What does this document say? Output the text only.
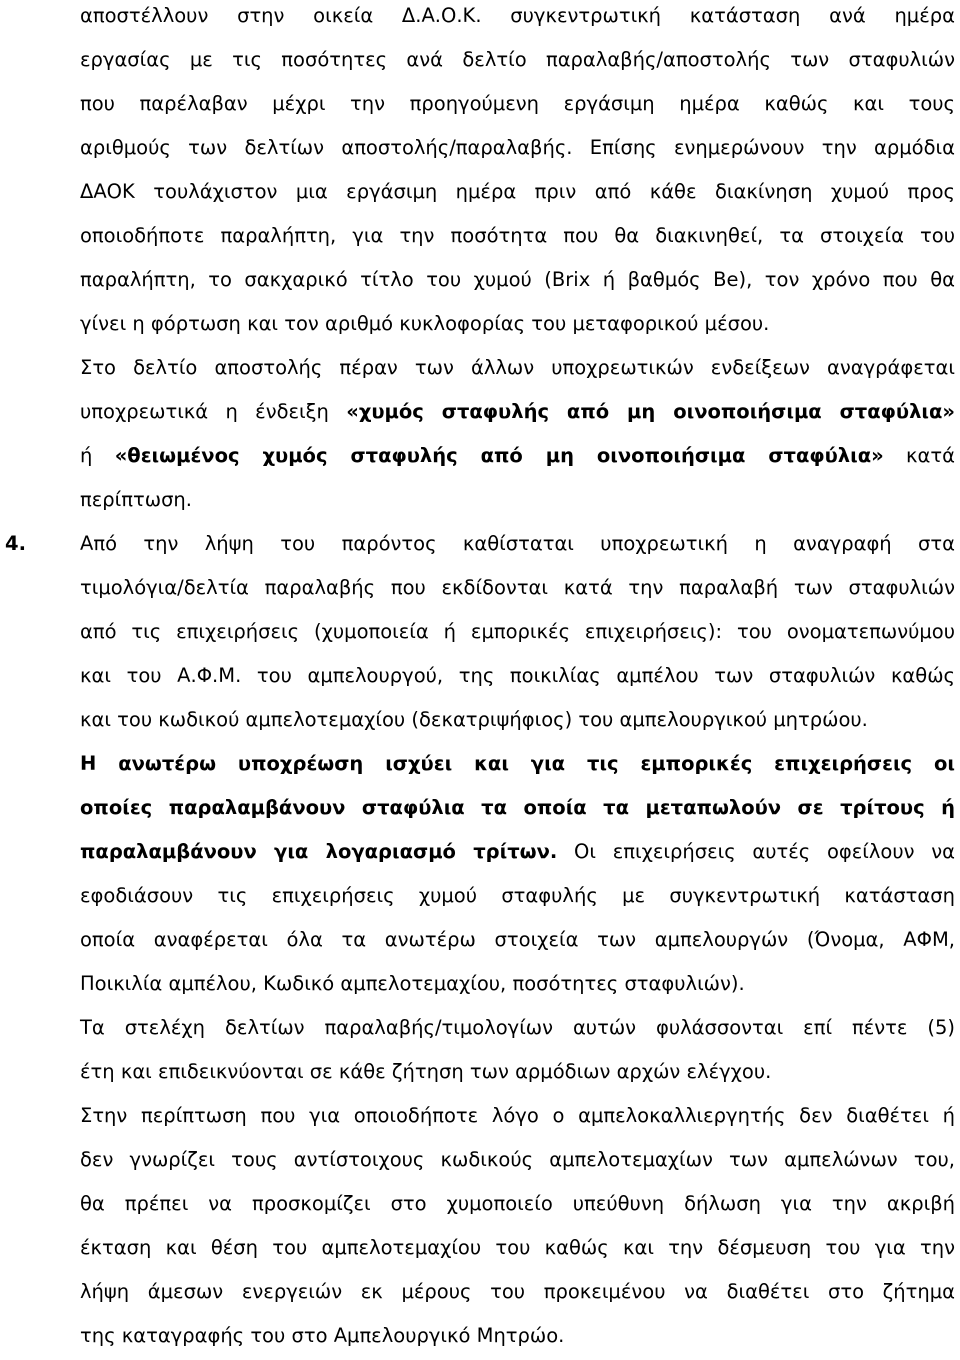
αποστέλλουν στην οικεία Δ.Α.Ο.Κ. συγκεντρωτική κατάσταση ανά ημέρα
εργασίας με τις ποσότητες ανά δελτίο παραλαβής/αποστολής των σταφυλιών
που παρέλαβαν μέχρι την προηγούμενη εργάσιμη ημέρα καθώς και τους
αριθμούς των δελτίων αποστολής/παραλαβής. Επίσης ενημερώνουν την αρμόδια
ΔΑΟΚ τουλάχιστον μια εργάσιμη ημέρα πριν από κάθε διακίνηση χυμού προς
οποιοδήποτε παραλήπτη, για την ποσότητα που θα διακινηθεί, τα στοιχεία του
παραλήπτη, το σακχαρικό τίτλο του χυμού (Brix ή βαθμός Be), τον χρόνο που θα
γίνει η φόρτωση και τον αριθμό κυκλοφορίας του μεταφορικού μέσου.
Στο δελτίο αποστολής πέραν των άλλων υποχρεωτικών ενδείξεων αναγράφεται
υποχρεωτικά η ένδειξη «χυμός σταφυλής από μη οινοποιήσιμα σταφύλια»
ή «θειωμένος χυμός σταφυλής από μη οινοποιήσιμα σταφύλια» κατά
περίπτωση.
4.	Από την λήψη του παρόντος καθίσταται υποχρεωτική η αναγραφή στα
τιμολόγια/δελτία παραλαβής που εκδίδονται κατά την παραλαβή των σταφυλιών
από τις επιχειρήσεις (χυμοποιεία ή εμπορικές επιχειρήσεις): του ονοματεπωνύμου
και του Α.Φ.Μ. του αμπελουργού, της ποικιλίας αμπέλου των σταφυλιών καθώς
και του κωδικού αμπελοτεμαχίου (δεκατριψήφιος) του αμπελουργικού μητρώου.
Η ανωτέρω υποχρέωση ισχύει και για τις εμπορικές επιχειρήσεις οι
οποίες παραλαμβάνουν σταφύλια τα οποία τα μεταπωλούν σε τρίτους ή
παραλαμβάνουν για λογαριασμό τρίτων. Οι επιχειρήσεις αυτές οφείλουν να
εφοδιάσουν τις επιχειρήσεις χυμού σταφυλής με συγκεντρωτική κατάσταση
οποία αναφέρεται όλα τα ανωτέρω στοιχεία των αμπελουργών (Όνομα, ΑΦΜ,
Ποικιλία αμπέλου, Κωδικό αμπελοτεμαχίου, ποσότητες σταφυλιών).
Τα στελέχη δελτίων παραλαβής/τιμολογίων αυτών φυλάσσονται επί πέντε (5)
έτη και επιδεικνύονται σε κάθε ζήτηση των αρμόδιων αρχών ελέγχου.
Στην περίπτωση που για οποιοδήποτε λόγο ο αμπελοκαλλιεργητής δεν διαθέτει ή
δεν γνωρίζει τους αντίστοιχους κωδικούς αμπελοτεμαχίων των αμπελώνων του,
θα πρέπει να προσκομίζει στο χυμοποιείο υπεύθυνη δήλωση για την ακριβή
έκταση και θέση του αμπελοτεμαχίου του καθώς και την δέσμευση του για την
λήψη άμεσων ενεργειών εκ μέρους του προκειμένου να διαθέτει στο ζήτημα
της καταγραφής του στο Αμπελουργικό Μητρώο.
